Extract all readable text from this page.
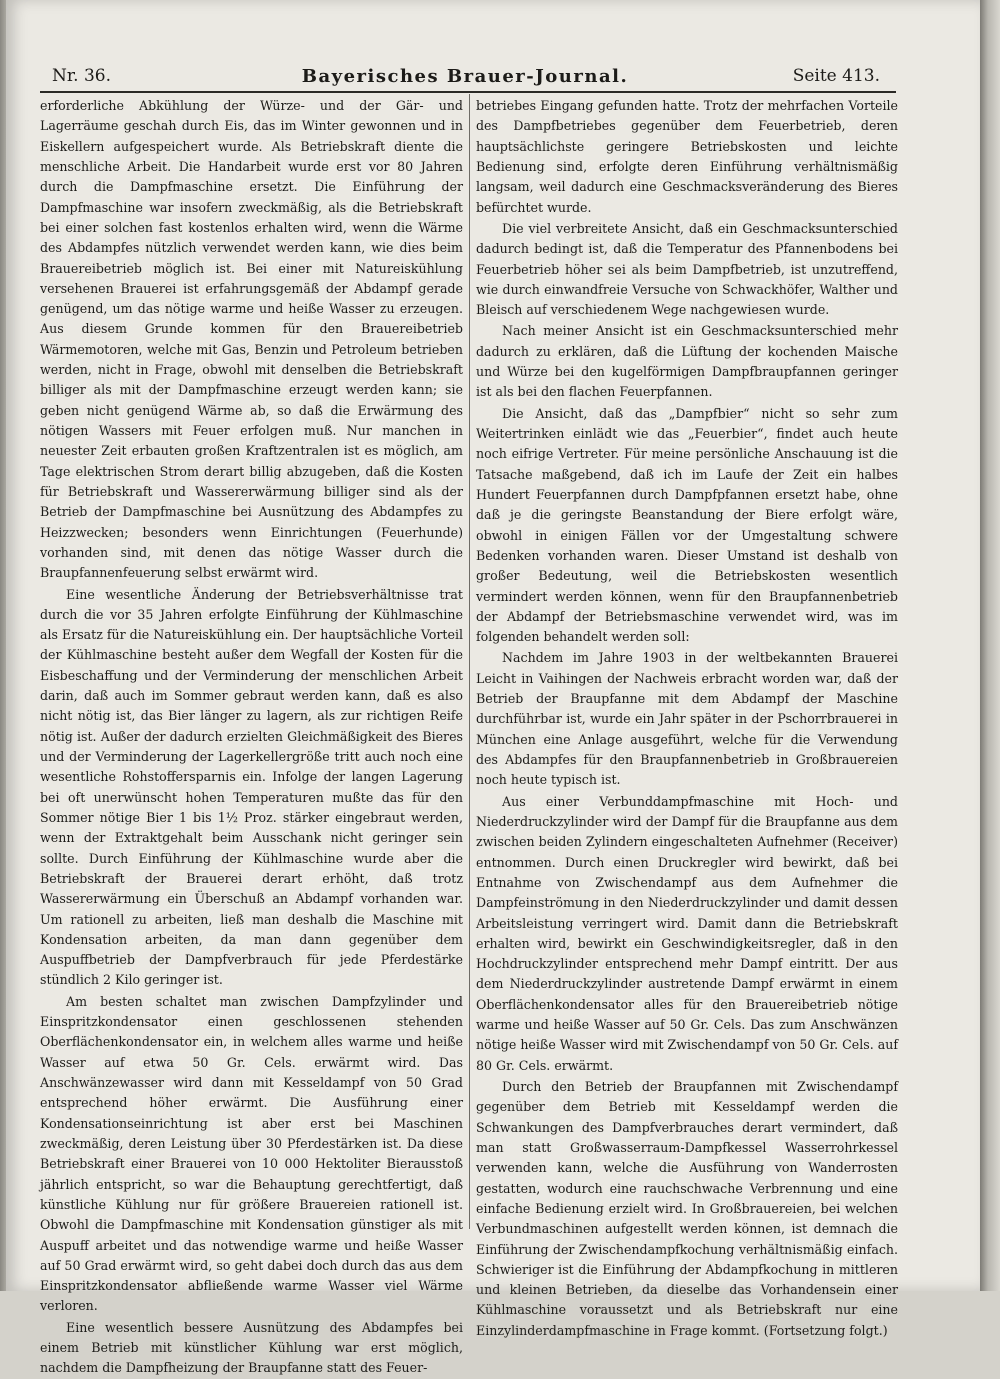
Nr. 36.	Bayerisches Brauer-Journal.	Seite 413.

erforderliche Abkühlung der Würze- und der Gär- und Lagerräume geschah durch Eis, das im Winter gewonnen und in Eiskellern aufgespeichert wurde. Als Betriebskraft diente die menschliche Arbeit. Die Handarbeit wurde erst vor 80 Jahren durch die Dampfmaschine ersetzt. Die Einführung der Dampfmaschine war insofern zweckmäßig, als die Betriebskraft bei einer solchen fast kostenlos erhalten wird, wenn die Wärme des Abdampfes nützlich verwendet werden kann, wie dies beim Brauereibetrieb möglich ist. Bei einer mit Natureiskühlung versehenen Brauerei ist erfahrungsgemäß der Abdampf gerade genügend, um das nötige warme und heiße Wasser zu erzeugen. Aus diesem Grunde kommen für den Brauereibetrieb Wärmemotoren, welche mit Gas, Benzin und Petroleum betrieben werden, nicht in Frage, obwohl mit denselben die Betriebskraft billiger als mit der Dampfmaschine erzeugt werden kann; sie geben nicht genügend Wärme ab, so daß die Erwärmung des nötigen Wassers mit Feuer erfolgen muß. Nur manchen in neuester Zeit erbauten großen Kraftzentralen ist es möglich, am Tage elektrischen Strom derart billig abzugeben, daß die Kosten für Betriebskraft und Wassererwärmung billiger sind als der Betrieb der Dampfmaschine bei Ausnützung des Abdampfes zu Heizzwecken; besonders wenn Einrichtungen (Feuerhunde) vorhanden sind, mit denen das nötige Wasser durch die Braupfannenfeuerung selbst erwärmt wird.

Eine wesentliche Änderung der Betriebsverhältnisse trat durch die vor 35 Jahren erfolgte Einführung der Kühlmaschine als Ersatz für die Natureiskühlung ein. Der hauptsächliche Vorteil der Kühlmaschine besteht außer dem Wegfall der Kosten für die Eisbeschaffung und der Verminderung der menschlichen Arbeit darin, daß auch im Sommer gebraut werden kann, daß es also nicht nötig ist, das Bier länger zu lagern, als zur richtigen Reife nötig ist. Außer der dadurch erzielten Gleichmäßigkeit des Bieres und der Verminderung der Lagerkellergröße tritt auch noch eine wesentliche Rohstoffersparnis ein. Infolge der langen Lagerung bei oft unerwünscht hohen Temperaturen mußte das für den Sommer nötige Bier 1 bis 1½ Proz. stärker eingebraut werden, wenn der Extraktgehalt beim Ausschank nicht geringer sein sollte. Durch Einführung der Kühlmaschine wurde aber die Betriebskraft der Brauerei derart erhöht, daß trotz Wassererwärmung ein Überschuß an Abdampf vorhanden war. Um rationell zu arbeiten, ließ man deshalb die Maschine mit Kondensation arbeiten, da man dann gegenüber dem Auspuffbetrieb der Dampfverbrauch für jede Pferdestärke stündlich 2 Kilo geringer ist.

Am besten schaltet man zwischen Dampfzylinder und Einspritzkondensator einen geschlossenen stehenden Oberflächenkondensator ein, in welchem alles warme und heiße Wasser auf etwa 50 Gr. Cels. erwärmt wird. Das Anschwänzewasser wird dann mit Kesseldampf von 50 Grad entsprechend höher erwärmt. Die Ausführung einer Kondensationseinrichtung ist aber erst bei Maschinen zweckmäßig, deren Leistung über 30 Pferdestärken ist. Da diese Betriebskraft einer Brauerei von 10 000 Hektoliter Bierausstoß jährlich entspricht, so war die Behauptung gerechtfertigt, daß künstliche Kühlung nur für größere Brauereien rationell ist. Obwohl die Dampfmaschine mit Kondensation günstiger als mit Auspuff arbeitet und das notwendige warme und heiße Wasser auf 50 Grad erwärmt wird, so geht dabei doch durch das aus dem Einspritzkondensator abfließende warme Wasser viel Wärme verloren.

Eine wesentlich bessere Ausnützung des Abdampfes bei einem Betrieb mit künstlicher Kühlung war erst möglich, nachdem die Dampfheizung der Braupfanne statt des Feuer-

betriebes Eingang gefunden hatte. Trotz der mehrfachen Vorteile des Dampfbetriebes gegenüber dem Feuerbetrieb, deren hauptsächlichste geringere Betriebskosten und leichte Bedienung sind, erfolgte deren Einführung verhältnismäßig langsam, weil dadurch eine Geschmacksveränderung des Bieres befürchtet wurde.

Die viel verbreitete Ansicht, daß ein Geschmacksunterschied dadurch bedingt ist, daß die Temperatur des Pfannenbodens bei Feuerbetrieb höher sei als beim Dampfbetrieb, ist unzutreffend, wie durch einwandfreie Versuche von Schwackhöfer, Walther und Bleisch auf verschiedenem Wege nachgewiesen wurde.

Nach meiner Ansicht ist ein Geschmacksunterschied mehr dadurch zu erklären, daß die Lüftung der kochenden Maische und Würze bei den kugelförmigen Dampfbraupfannen geringer ist als bei den flachen Feuerpfannen.

Die Ansicht, daß das „Dampfbier“ nicht so sehr zum Weitertrinken einlädt wie das „Feuerbier“, findet auch heute noch eifrige Vertreter. Für meine persönliche Anschauung ist die Tatsache maßgebend, daß ich im Laufe der Zeit ein halbes Hundert Feuerpfannen durch Dampfpfannen ersetzt habe, ohne daß je die geringste Beanstandung der Biere erfolgt wäre, obwohl in einigen Fällen vor der Umgestaltung schwere Bedenken vorhanden waren. Dieser Umstand ist deshalb von großer Bedeutung, weil die Betriebskosten wesentlich vermindert werden können, wenn für den Braupfannenbetrieb der Abdampf der Betriebsmaschine verwendet wird, was im folgenden behandelt werden soll:

Nachdem im Jahre 1903 in der weltbekannten Brauerei Leicht in Vaihingen der Nachweis erbracht worden war, daß der Betrieb der Braupfanne mit dem Abdampf der Maschine durchführbar ist, wurde ein Jahr später in der Pschorrbrauerei in München eine Anlage ausgeführt, welche für die Verwendung des Abdampfes für den Braupfannenbetrieb in Großbrauereien noch heute typisch ist.

Aus einer Verbunddampfmaschine mit Hoch- und Niederdruckzylinder wird der Dampf für die Braupfanne aus dem zwischen beiden Zylindern eingeschalteten Aufnehmer (Receiver) entnommen. Durch einen Druckregler wird bewirkt, daß bei Entnahme von Zwischendampf aus dem Aufnehmer die Dampfeinströmung in den Niederdruckzylinder und damit dessen Arbeitsleistung verringert wird. Damit dann die Betriebskraft erhalten wird, bewirkt ein Geschwindigkeitsregler, daß in den Hochdruckzylinder entsprechend mehr Dampf eintritt. Der aus dem Niederdruckzylinder austretende Dampf erwärmt in einem Oberflächenkondensator alles für den Brauereibetrieb nötige warme und heiße Wasser auf 50 Gr. Cels. Das zum Anschwänzen nötige heiße Wasser wird mit Zwischendampf von 50 Gr. Cels. auf 80 Gr. Cels. erwärmt.

Durch den Betrieb der Braupfannen mit Zwischendampf gegenüber dem Betrieb mit Kesseldampf werden die Schwankungen des Dampfverbrauches derart vermindert, daß man statt Großwasserraum-Dampfkessel Wasserrohrkessel verwenden kann, welche die Ausführung von Wanderrosten gestatten, wodurch eine rauchschwache Verbrennung und eine einfache Bedienung erzielt wird. In Großbrauereien, bei welchen Verbundmaschinen aufgestellt werden können, ist demnach die Einführung der Zwischendampfkochung verhältnismäßig einfach. Schwieriger ist die Einführung der Abdampfkochung in mittleren und kleinen Betrieben, da dieselbe das Vorhandensein einer Kühlmaschine voraussetzt und als Betriebskraft nur eine Einzylinderdampfmaschine in Frage kommt. (Fortsetzung folgt.)
